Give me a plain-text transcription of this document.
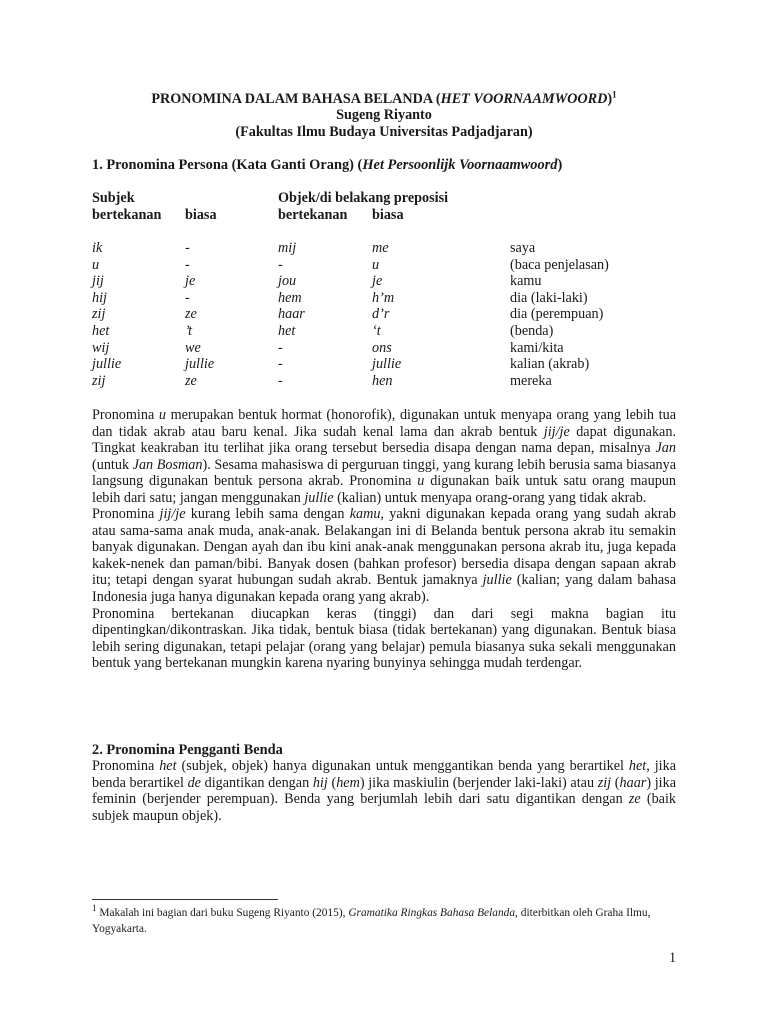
PRONOMINA DALAM BAHASA BELANDA (HET VOORNAAMWOORD)$^1$
Sugeng Riyanto
(Fakultas Ilmu Budaya Universitas Padjadjaran)
1. Pronomina Persona (Kata Ganti Orang) (Het Persoonlijk Voornaamwoord)
Subjek	Objek/di belakang preposisi
bertekanan biasa	bertekanan biasa
ik	-	mij	me	saya
u	-	-	u	(baca penjelasan)
jij	je	jou	je	kamu
hij	-	hem	h’m	dia (laki-laki)
zij	ze	haar	d’r	dia (perempuan)
het	’t	het	‘t	(benda)
wij	we	-	ons	kami/kita
jullie	jullie	-	jullie	kalian (akrab)
zij	ze	-	hen	mereka

Pronomina u merupakan bentuk hormat (honorofik), digunakan untuk menyapa orang yang lebih tua dan tidak akrab atau baru kenal. Jika sudah kenal lama dan akrab bentuk jij/je dapat digunakan. Tingkat keakraban itu terlihat jika orang tersebut bersedia disapa dengan nama depan, misalnya Jan (untuk Jan Bosman). Sesama mahasiswa di perguruan tinggi, yang kurang lebih berusia sama biasanya langsung digunakan bentuk persona akrab. Pronomina u digunakan baik untuk satu orang maupun lebih dari satu; jangan menggunakan jullie (kalian) untuk menyapa orang-orang yang tidak akrab.

Pronomina jij/je kurang lebih sama dengan kamu, yakni digunakan kepada orang yang sudah akrab atau sama-sama anak muda, anak-anak. Belakangan ini di Belanda bentuk persona akrab itu semakin banyak digunakan. Dengan ayah dan ibu kini anak-anak menggunakan persona akrab itu, juga kepada kakek-nenek dan paman/bibi. Banyak dosen (bahkan profesor) bersedia disapa dengan sapaan akrab itu; tetapi dengan syarat hubungan sudah akrab. Bentuk jamaknya jullie (kalian; yang dalam bahasa Indonesia juga hanya digunakan kepada orang yang akrab).

Pronomina bertekanan diucapkan keras (tinggi) dan dari segi makna bagian itu dipentingkan/dikontraskan. Jika tidak, bentuk biasa (tidak bertekanan) yang digunakan. Bentuk biasa lebih sering digunakan, tetapi pelajar (orang yang belajar) pemula biasanya suka sekali menggunakan bentuk yang bertekanan mungkin karena nyaring bunyinya sehingga mudah terdengar.

2. Pronomina Pengganti Benda

Pronomina het (subjek, objek) hanya digunakan untuk menggantikan benda yang berartikel het, jika benda berartikel de digantikan dengan hij (hem) jika maskiulin (berjender laki-laki) atau zij (haar) jika feminin (berjender perempuan). Benda yang berjumlah lebih dari satu digantikan dengan ze (baik subjek maupun objek).

$^1$ Makalah ini bagian dari buku Sugeng Riyanto (2015), Gramatika Ringkas Bahasa Belanda, diterbitkan oleh Graha Ilmu, Yogyakarta.
1
